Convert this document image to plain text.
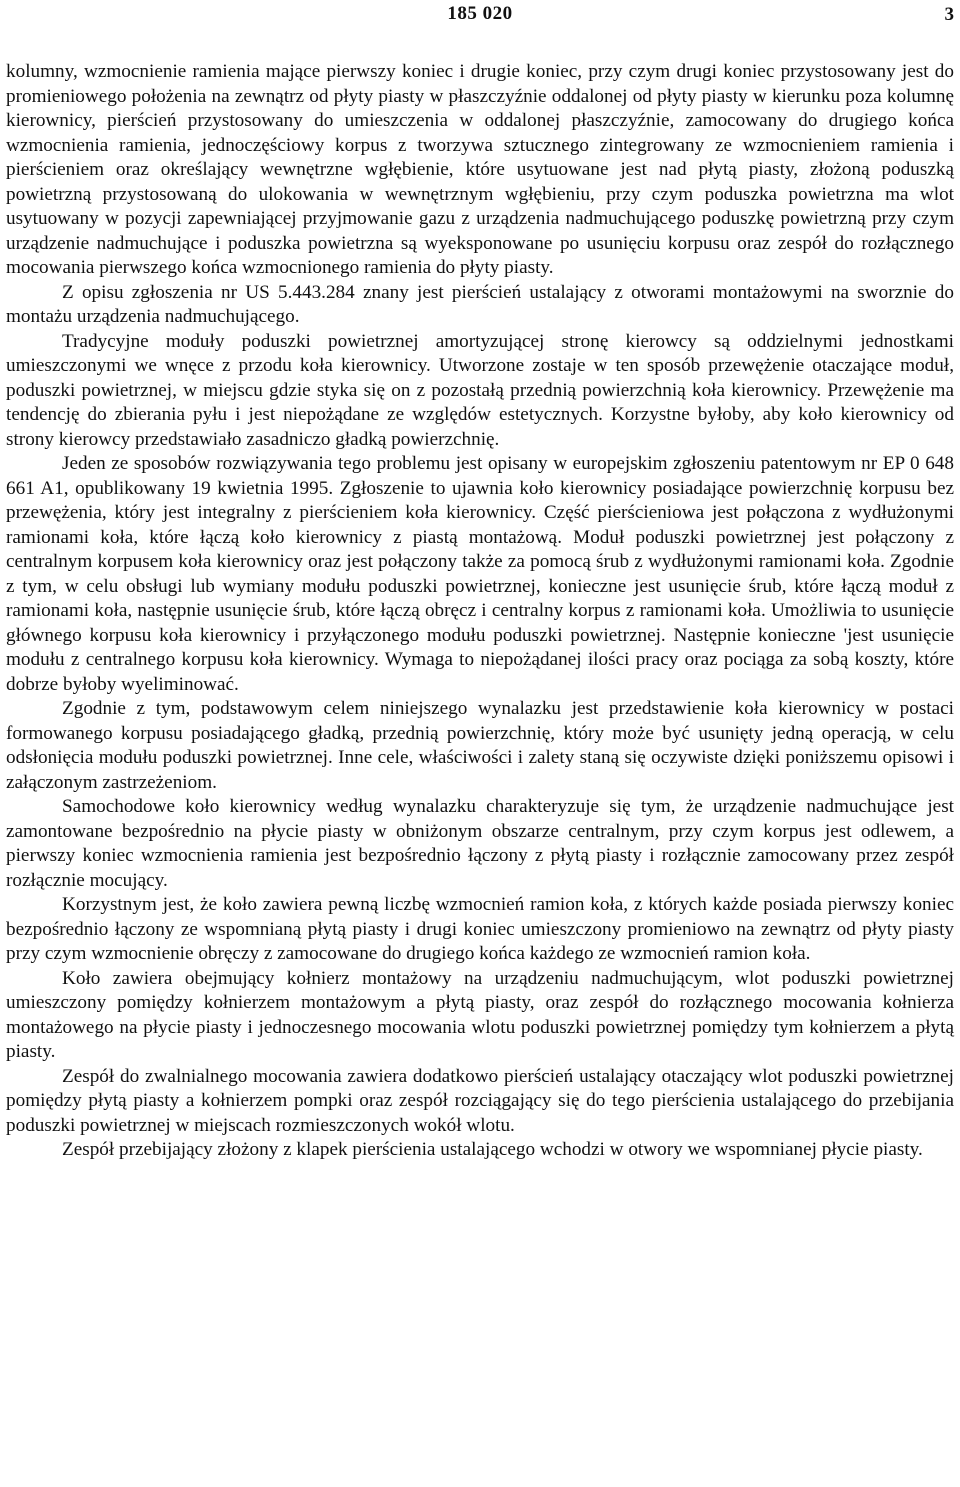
185 020	3

kolumny, wzmocnienie ramienia mające pierwszy koniec i drugie koniec, przy czym drugi koniec przystosowany jest do promieniowego położenia na zewnątrz od płyty piasty w płaszczyźnie oddalonej od płyty piasty w kierunku poza kolumnę kierownicy, pierścień przystosowany do umieszczenia w oddalonej płaszczyźnie, zamocowany do drugiego końca wzmocnienia ramienia, jednoczęściowy korpus z tworzywa sztucznego zintegrowany ze wzmocnieniem ramienia i pierścieniem oraz określający wewnętrzne wgłębienie, które usytuowane jest nad płytą piasty, złożoną poduszką powietrzną przystosowaną do ulokowania w wewnętrznym wgłębieniu, przy czym poduszka powietrzna ma wlot usytuowany w pozycji zapewniającej przyjmowanie gazu z urządzenia nadmuchującego poduszkę powietrzną przy czym urządzenie nadmuchujące i poduszka powietrzna są wyeksponowane po usunięciu korpusu oraz zespół do rozłącznego mocowania pierwszego końca wzmocnionego ramienia do płyty piasty.

Z opisu zgłoszenia nr US 5.443.284 znany jest pierścień ustalający z otworami montażowymi na sworznie do montażu urządzenia nadmuchującego.

Tradycyjne moduły poduszki powietrznej amortyzującej stronę kierowcy są oddzielnymi jednostkami umieszczonymi we wnęce z przodu koła kierownicy. Utworzone zostaje w ten sposób przewężenie otaczające moduł, poduszki powietrznej, w miejscu gdzie styka się on z pozostałą przednią powierzchnią koła kierownicy. Przewężenie ma tendencję do zbierania pyłu i jest niepożądane ze względów estetycznych. Korzystne byłoby, aby koło kierownicy od strony kierowcy przedstawiało zasadniczo gładką powierzchnię.

Jeden ze sposobów rozwiązywania tego problemu jest opisany w europejskim zgłoszeniu patentowym nr EP 0 648 661 A1, opublikowany 19 kwietnia 1995. Zgłoszenie to ujawnia koło kierownicy posiadające powierzchnię korpusu bez przewężenia, który jest integralny z pierścieniem koła kierownicy. Część pierścieniowa jest połączona z wydłużonymi ramionami koła, które łączą koło kierownicy z piastą montażową. Moduł poduszki powietrznej jest połączony z centralnym korpusem koła kierownicy oraz jest połączony także za pomocą śrub z wydłużonymi ramionami koła. Zgodnie z tym, w celu obsługi lub wymiany modułu poduszki powietrznej, konieczne jest usunięcie śrub, które łączą moduł z ramionami koła, następnie usunięcie śrub, które łączą obręcz i centralny korpus z ramionami koła. Umożliwia to usunięcie głównego korpusu koła kierownicy i przyłączonego modułu poduszki powietrznej. Następnie konieczne 'jest usunięcie modułu z centralnego korpusu koła kierownicy. Wymaga to niepożądanej ilości pracy oraz pociąga za sobą koszty, które dobrze byłoby wyeliminować.

Zgodnie z tym, podstawowym celem niniejszego wynalazku jest przedstawienie koła kierownicy w postaci formowanego korpusu posiadającego gładką, przednią powierzchnię, który może być usunięty jedną operacją, w celu odsłonięcia modułu poduszki powietrznej. Inne cele, właściwości i zalety staną się oczywiste dzięki poniższemu opisowi i załączonym zastrzeżeniom.

Samochodowe koło kierownicy według wynalazku charakteryzuje się tym, że urządzenie nadmuchujące jest zamontowane bezpośrednio na płycie piasty w obniżonym obszarze centralnym, przy czym korpus jest odlewem, a pierwszy koniec wzmocnienia ramienia jest bezpośrednio łączony z płytą piasty i rozłącznie zamocowany przez zespół rozłącznie mocujący.

Korzystnym jest, że koło zawiera pewną liczbę wzmocnień ramion koła, z których każde posiada pierwszy koniec bezpośrednio łączony ze wspomnianą płytą piasty i drugi koniec umieszczony promieniowo na zewnątrz od płyty piasty przy czym wzmocnienie obręczy z zamocowane do drugiego końca każdego ze wzmocnień ramion koła.

Koło zawiera obejmujący kołnierz montażowy na urządzeniu nadmuchującym, wlot poduszki powietrznej umieszczony pomiędzy kołnierzem montażowym a płytą piasty, oraz zespół do rozłącznego mocowania kołnierza montażowego na płycie piasty i jednoczesnego mocowania wlotu poduszki powietrznej pomiędzy tym kołnierzem a płytą piasty.

Zespół do zwalnialnego mocowania zawiera dodatkowo pierścień ustalający otaczający wlot poduszki powietrznej pomiędzy płytą piasty a kołnierzem pompki oraz zespół rozciągający się do tego pierścienia ustalającego do przebijania poduszki powietrznej w miejscach rozmieszczonych wokół wlotu.

Zespół przebijający złożony z klapek pierścienia ustalającego wchodzi w otwory we wspomnianej płycie piasty.
